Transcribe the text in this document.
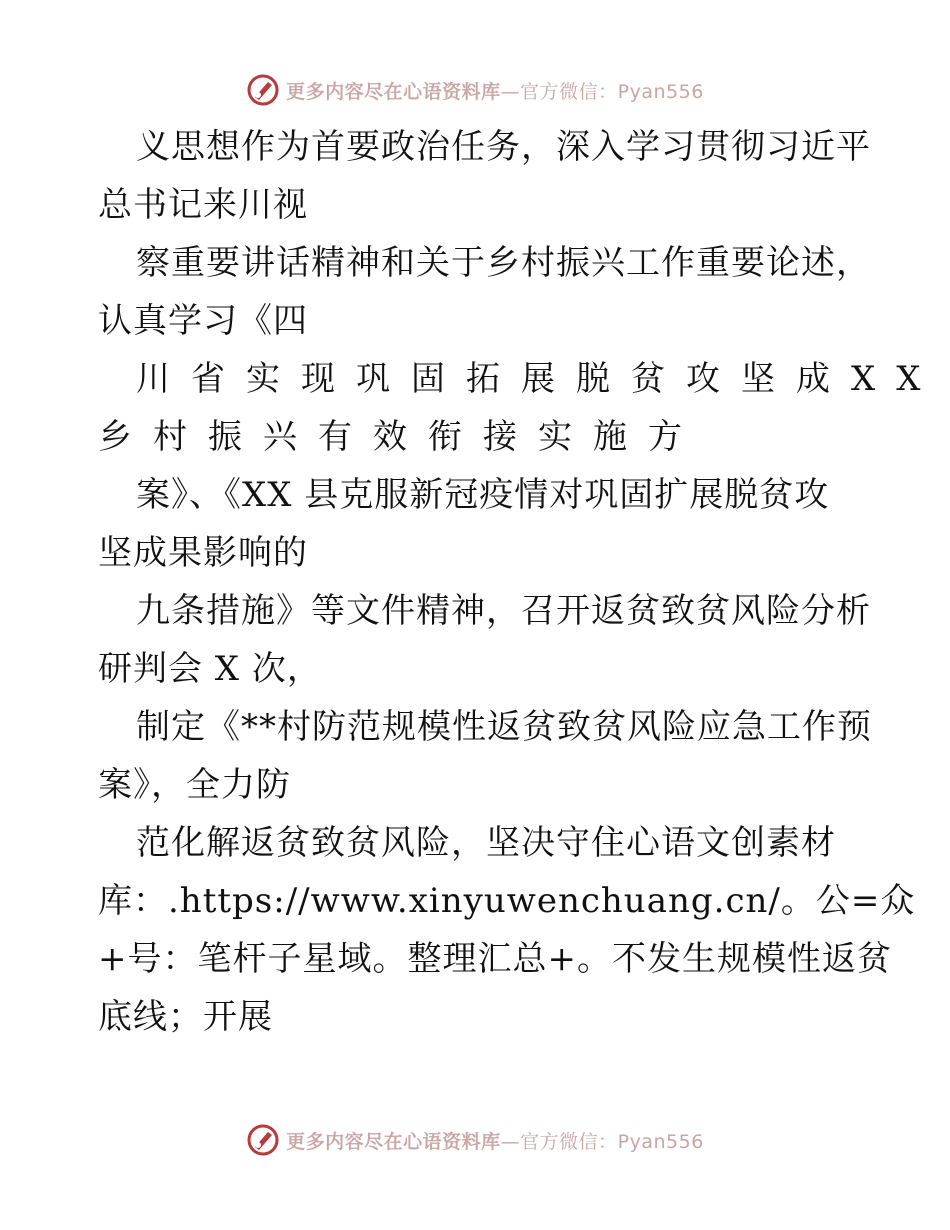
更多内容尽在心语资料库—官方微信：Pyan556
义思想作为首要政治任务，深入学习贯彻习近平
总书记来川视
察重要讲话精神和关于乡村振兴工作重要论述，
认真学习《四
川省实现巩固拓展脱贫攻坚成XX
乡村振兴有效衔接实施方
案》、《XX 县克服新冠疫情对巩固扩展脱贫攻
坚成果影响的
九条措施》等文件精神，召开返贫致贫风险分析
研判会 X 次，
制定《**村防范规模性返贫致贫风险应急工作预
案》，全力防
范化解返贫致贫风险，坚决守住心语文创素材
库：.https://www.xinyuwenchuang.cn/。公=众
+号：笔杆子星域。整理汇总+。不发生规模性返贫
底线；开展
更多内容尽在心语资料库—官方微信：Pyan556
